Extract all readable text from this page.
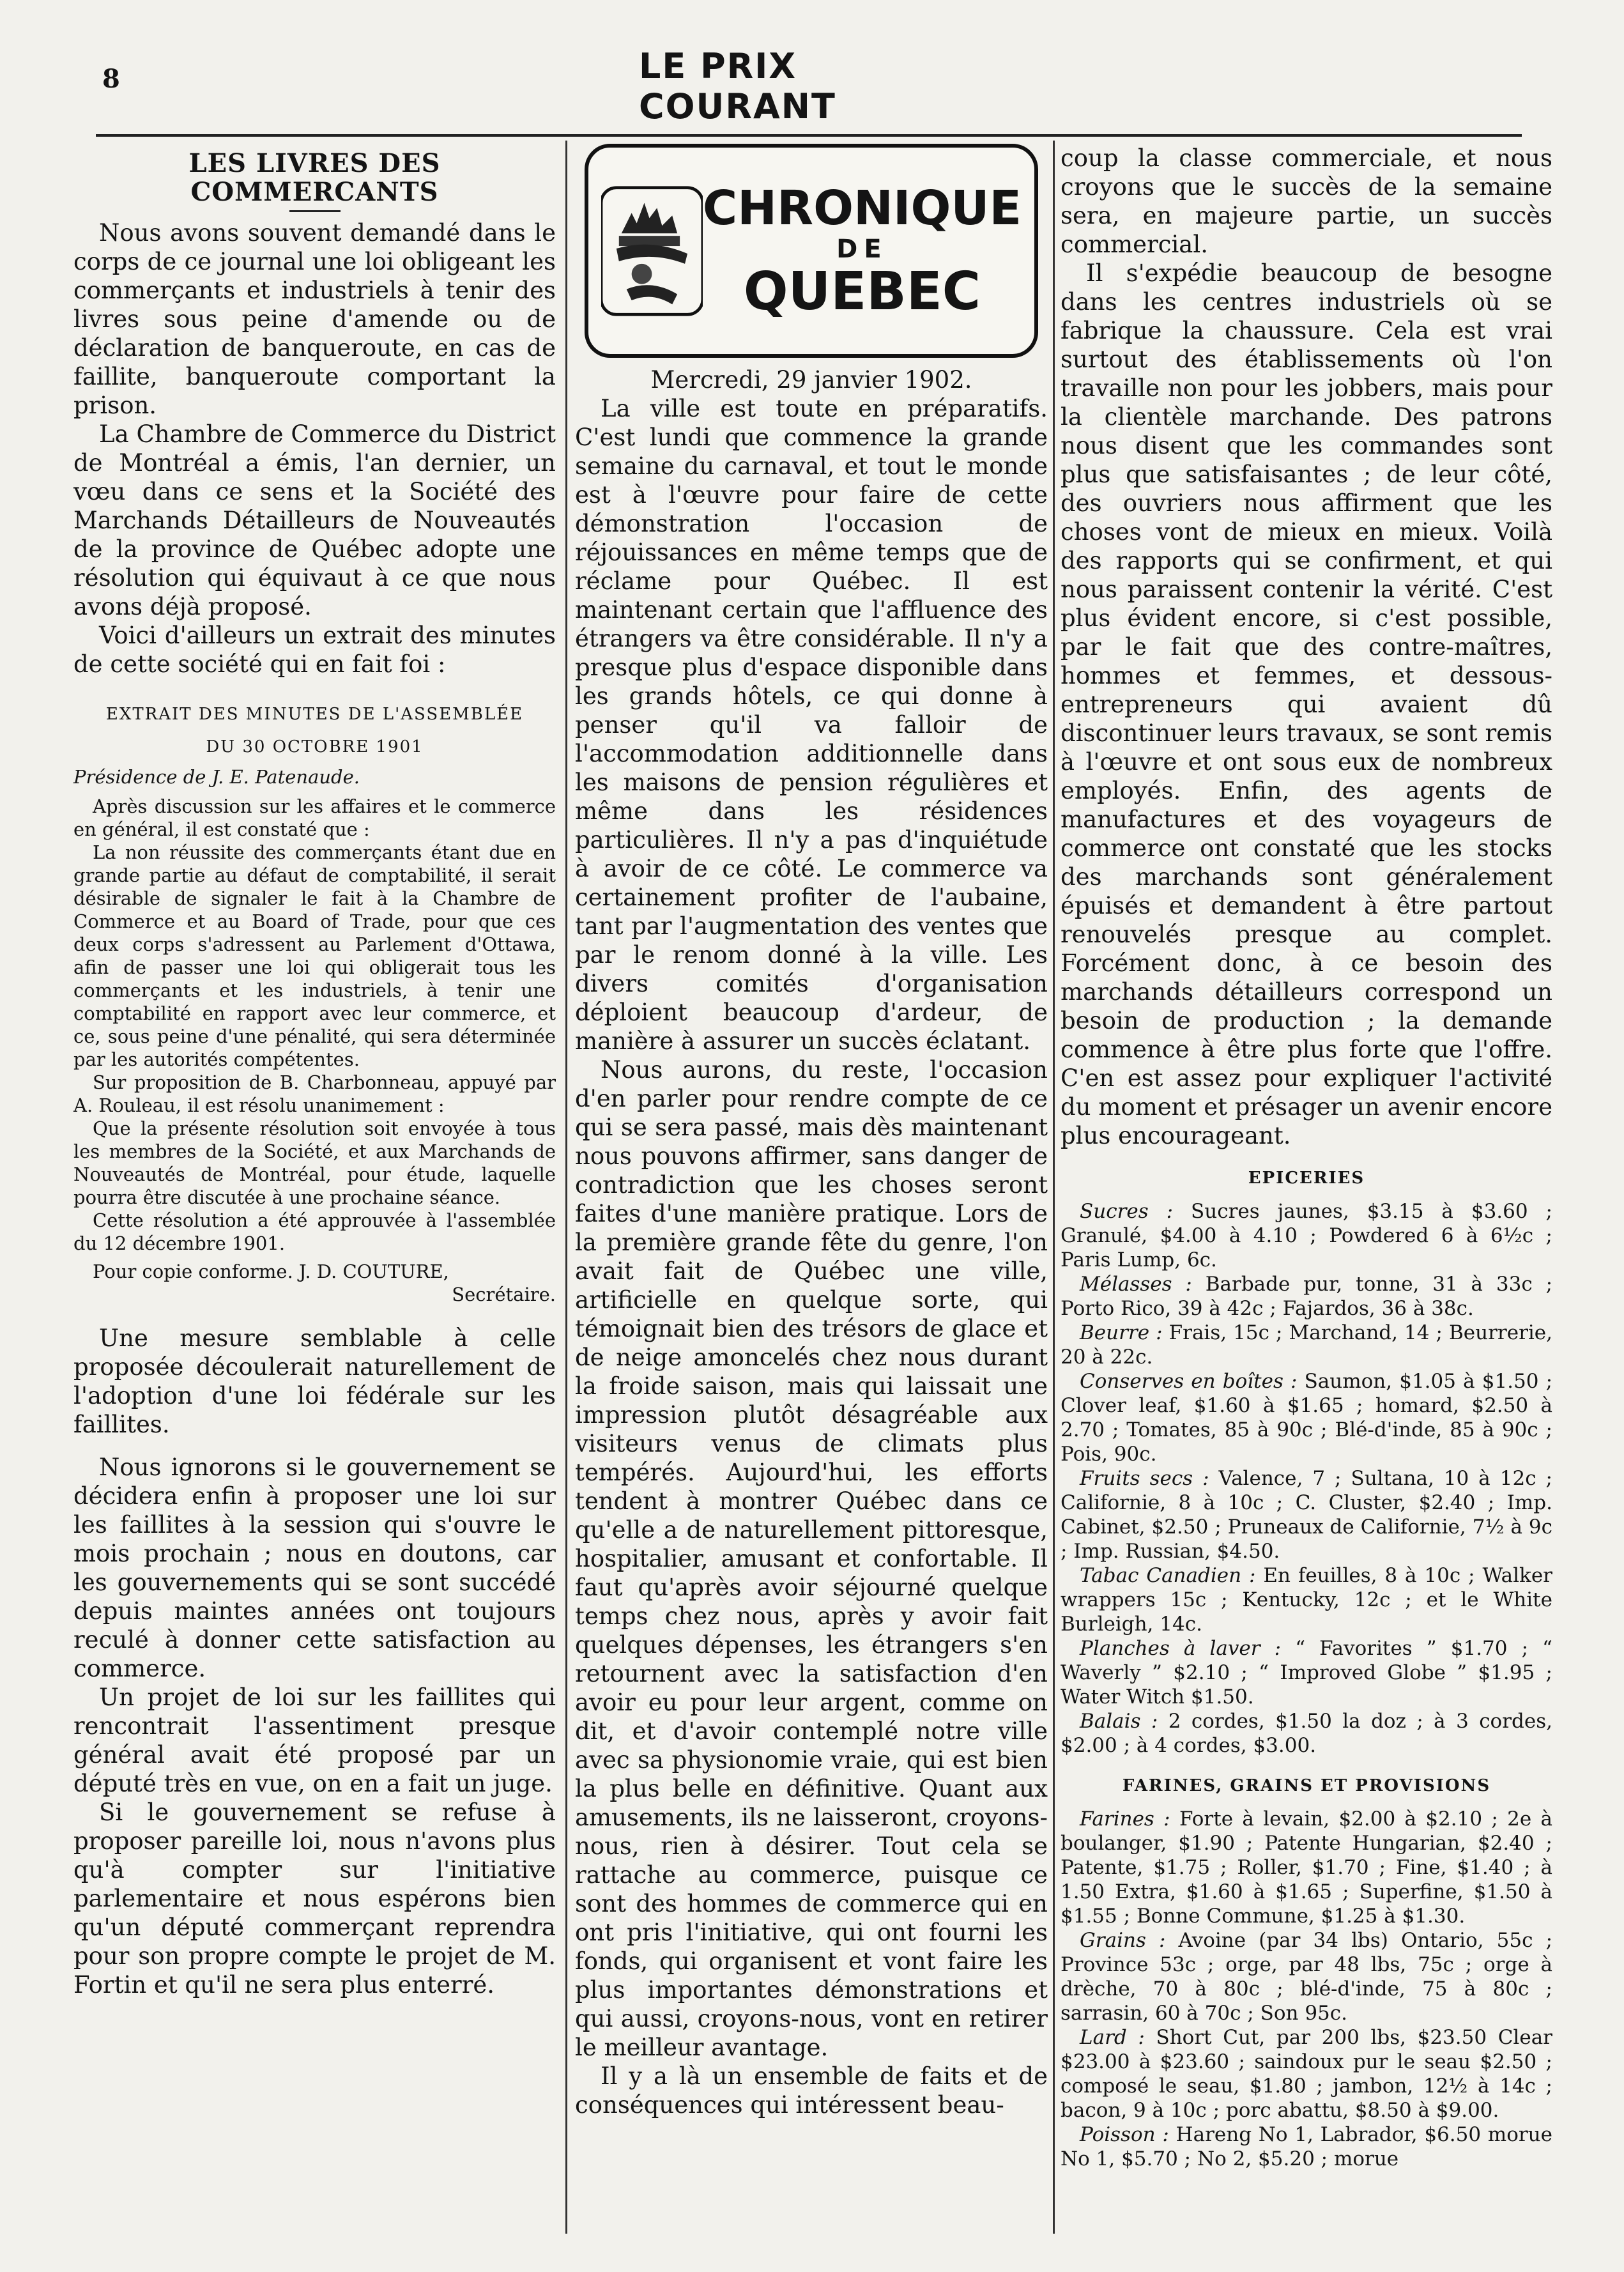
8	LE PRIX COURANT
LES LIVRES DES COMMERCANTS

Nous avons souvent demandé dans le corps de ce journal une loi obligeant les commerçants et industriels à tenir des livres sous peine d'amende ou de déclaration de banqueroute, en cas de faillite, banqueroute comportant la prison.

La Chambre de Commerce du District de Montréal a émis, l'an dernier, un vœu dans ce sens et la Société des Marchands Détailleurs de Nouveautés de la province de Québec adopte une résolution qui équivaut à ce que nous avons déjà proposé.

Voici d'ailleurs un extrait des minutes de cette société qui en fait foi :

EXTRAIT DES MINUTES DE L'ASSEMBLÉE
DU 30 OCTOBRE 1901

Présidence de J. E. Patenaude.

Après discussion sur les affaires et le commerce en général, il est constaté que :

La non réussite des commerçants étant due en grande partie au défaut de comptabilité, il serait désirable de signaler le fait à la Chambre de Commerce et au Board of Trade, pour que ces deux corps s'adressent au Parlement d'Ottawa, afin de passer une loi qui obligerait tous les commerçants et les industriels, à tenir une comptabilité en rapport avec leur commerce, et ce, sous peine d'une pénalité, qui sera déterminée par les autorités compétentes.

Sur proposition de B. Charbonneau, appuyé par A. Rouleau, il est résolu unanimement :

Que la présente résolution soit envoyée à tous les membres de la Société, et aux Marchands de Nouveautés de Montréal, pour étude, laquelle pourra être discutée à une prochaine séance.

Cette résolution a été approuvée à l'assemblée du 12 décembre 1901.

Pour copie conforme. J. D. COUTURE,

Secrétaire.

Une mesure semblable à celle proposée découlerait naturellement de l'adoption d'une loi fédérale sur les faillites.

Nous ignorons si le gouvernement se décidera enfin à proposer une loi sur les faillites à la session qui s'ouvre le mois prochain ; nous en doutons, car les gouvernements qui se sont succédé depuis maintes années ont toujours reculé à donner cette satisfaction au commerce.

Un projet de loi sur les faillites qui rencontrait l'assentiment presque général avait été proposé par un député très en vue, on en a fait un juge.

Si le gouvernement se refuse à proposer pareille loi, nous n'avons plus qu'à compter sur l'initiative parlementaire et nous espérons bien qu'un député commerçant reprendra pour son propre compte le projet de M. Fortin et qu'il ne sera plus enterré.

CHRONIQUE
DE
QUEBEC

Mercredi, 29 janvier 1902.

La ville est toute en préparatifs. C'est lundi que commence la grande semaine du carnaval, et tout le monde est à l'œuvre pour faire de cette démonstration l'occasion de réjouissances en même temps que de réclame pour Québec. Il est maintenant certain que l'affluence des étrangers va être considérable. Il n'y a presque plus d'espace disponible dans les grands hôtels, ce qui donne à penser qu'il va falloir de l'accommodation additionnelle dans les maisons de pension régulières et même dans les résidences particulières. Il n'y a pas d'inquiétude à avoir de ce côté. Le commerce va certainement profiter de l'aubaine, tant par l'augmentation des ventes que par le renom donné à la ville. Les divers comités d'organisation déploient beaucoup d'ardeur, de manière à assurer un succès éclatant.

Nous aurons, du reste, l'occasion d'en parler pour rendre compte de ce qui se sera passé, mais dès maintenant nous pouvons affirmer, sans danger de contradiction que les choses seront faites d'une manière pratique. Lors de la première grande fête du genre, l'on avait fait de Québec une ville, artificielle en quelque sorte, qui témoignait bien des trésors de glace et de neige amoncelés chez nous durant la froide saison, mais qui laissait une impression plutôt désagréable aux visiteurs venus de climats plus tempérés. Aujourd'hui, les efforts tendent à montrer Québec dans ce qu'elle a de naturellement pittoresque, hospitalier, amusant et confortable. Il faut qu'après avoir séjourné quelque temps chez nous, après y avoir fait quelques dépenses, les étrangers s'en retournent avec la satisfaction d'en avoir eu pour leur argent, comme on dit, et d'avoir contemplé notre ville avec sa physionomie vraie, qui est bien la plus belle en définitive. Quant aux amusements, ils ne laisseront, croyons-nous, rien à désirer. Tout cela se rattache au commerce, puisque ce sont des hommes de commerce qui en ont pris l'initiative, qui ont fourni les fonds, qui organisent et vont faire les plus importantes démonstrations et qui aussi, croyons-nous, vont en retirer le meilleur avantage.

Il y a là un ensemble de faits et de conséquences qui intéressent beau-

coup la classe commerciale, et nous croyons que le succès de la semaine sera, en majeure partie, un succès commercial.

Il s'expédie beaucoup de besogne dans les centres industriels où se fabrique la chaussure. Cela est vrai surtout des établissements où l'on travaille non pour les jobbers, mais pour la clientèle marchande. Des patrons nous disent que les commandes sont plus que satisfaisantes ; de leur côté, des ouvriers nous affirment que les choses vont de mieux en mieux. Voilà des rapports qui se confirment, et qui nous paraissent contenir la vérité. C'est plus évident encore, si c'est possible, par le fait que des contre-maîtres, hommes et femmes, et dessous-entrepreneurs qui avaient dû discontinuer leurs travaux, se sont remis à l'œuvre et ont sous eux de nombreux employés. Enfin, des agents de manufactures et des voyageurs de commerce ont constaté que les stocks des marchands sont généralement épuisés et demandent à être partout renouvelés presque au complet. Forcément donc, à ce besoin des marchands détailleurs correspond un besoin de production ; la demande commence à être plus forte que l'offre. C'en est assez pour expliquer l'activité du moment et présager un avenir encore plus encourageant.

EPICERIES

Sucres : Sucres jaunes, $3.15 à $3.60 ; Granulé, $4.00 à 4.10 ; Powdered 6 à 6½c ; Paris Lump, 6c.

Mélasses : Barbade pur, tonne, 31 à 33c ; Porto Rico, 39 à 42c ; Fajardos, 36 à 38c.

Beurre : Frais, 15c ; Marchand, 14 ; Beurrerie, 20 à 22c.

Conserves en boîtes : Saumon, $1.05 à $1.50 ; Clover leaf, $1.60 à $1.65 ; homard, $2.50 à 2.70 ; Tomates, 85 à 90c ; Blé-d'inde, 85 à 90c ; Pois, 90c.

Fruits secs : Valence, 7 ; Sultana, 10 à 12c ; Californie, 8 à 10c ; C. Cluster, $2.40 ; Imp. Cabinet, $2.50 ; Pruneaux de Californie, 7½ à 9c ; Imp. Russian, $4.50.

Tabac Canadien : En feuilles, 8 à 10c ; Walker wrappers 15c ; Kentucky, 12c ; et le White Burleigh, 14c.

Planches à laver : “ Favorites ” $1.70 ; “ Waverly ” $2.10 ; “ Improved Globe ” $1.95 ; Water Witch $1.50.

Balais : 2 cordes, $1.50 la doz ; à 3 cordes, $2.00 ; à 4 cordes, $3.00.

FARINES, GRAINS ET PROVISIONS

Farines : Forte à levain, $2.00 à $2.10 ; 2e à boulanger, $1.90 ; Patente Hungarian, $2.40 ; Patente, $1.75 ; Roller, $1.70 ; Fine, $1.40 ; à 1.50 Extra, $1.60 à $1.65 ; Superfine, $1.50 à $1.55 ; Bonne Commune, $1.25 à $1.30.

Grains : Avoine (par 34 lbs) Ontario, 55c ; Province 53c ; orge, par 48 lbs, 75c ; orge à drèche, 70 à 80c ; blé-d'inde, 75 à 80c ; sarrasin, 60 à 70c ; Son 95c.

Lard : Short Cut, par 200 lbs, $23.50 Clear $23.00 à $23.60 ; saindoux pur le seau $2.50 ; composé le seau, $1.80 ; jambon, 12½ à 14c ; bacon, 9 à 10c ; porc abattu, $8.50 à $9.00.

Poisson : Hareng No 1, Labrador, $6.50 morue No 1, $5.70 ; No 2, $5.20 ; morue
